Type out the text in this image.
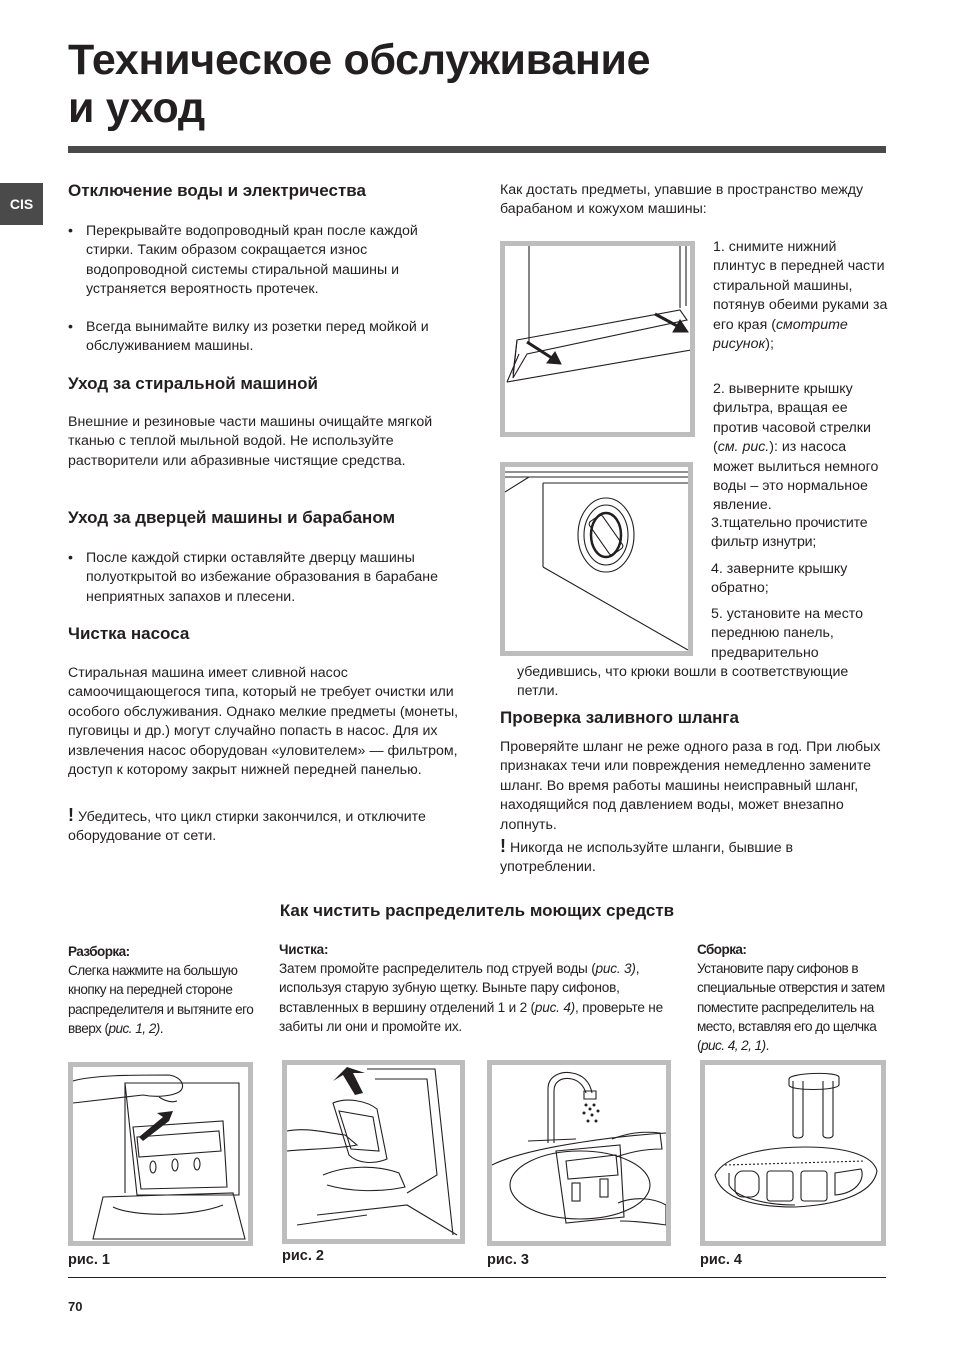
Техническое обслуживание
и уход
CIS
Отключение воды и электричества
• Перекрывайте водопроводный кран после каждой стирки. Таким образом сокращается износ водопроводной системы стиральной машины и устраняется вероятность протечек.
• Всегда вынимайте вилку из розетки перед мойкой и обслуживанием машины.
Уход за стиральной машиной
Внешние и резиновые части машины очищайте мягкой тканью с теплой мыльной водой. Не используйте растворители или абразивные чистящие средства.
Уход за дверцей машины и барабаном
• После каждой стирки оставляйте дверцу машины полуоткрытой во избежание образования в барабане неприятных запахов и плесени.
Чистка насоса
Стиральная машина имеет сливной насос самоочищающегося типа, который не требует очистки или особого обслуживания. Однако мелкие предметы (монеты, пуговицы и др.) могут случайно попасть в насос. Для их извлечения насос оборудован «уловителем» — фильтром, доступ к которому закрыт нижней передней панелью.
! Убедитесь, что цикл стирки закончился, и отключите оборудование от сети.
Как достать предметы, упавшие в пространство между барабаном и кожухом машины:
1. снимите нижний плинтус в передней части стиральной машины, потянув обеими руками за его края (смотрите рисунок);
2. выверните крышку фильтра, вращая ее против часовой стрелки (см. рис.): из насоса может вылиться немного воды – это нормальное явление.
3.тщательно прочистите фильтр изнутри;
4. заверните крышку обратно;
5. установите на место переднюю панель, предварительно
убедившись, что крюки вошли в соответствующие петли.
Проверка заливного шланга
Проверяйте шланг не реже одного раза в год. При любых признаках течи или повреждения немедленно замените шланг. Во время работы машины неисправный шланг, находящийся под давлением воды, может внезапно лопнуть.
! Никогда не используйте шланги, бывшие в употреблении.
Как чистить распределитель моющих средств
Разборка:
Слегка нажмите на большую кнопку на передней стороне распределителя и вытяните его вверх (рис. 1, 2).
Чистка:
Затем промойте распределитель под струей воды (рис. 3), используя старую зубную щетку. Выньте пару сифонов, вставленных в вершину отделений 1 и 2 (рис. 4), проверьте не забиты ли они и промойте их.
Сборка:
Установите пару сифонов в специальные отверстия и затем поместите распределитель на место, вставляя его до щелчка (рис. 4, 2, 1).
рис. 1	рис. 2	рис. 3	рис. 4
70
